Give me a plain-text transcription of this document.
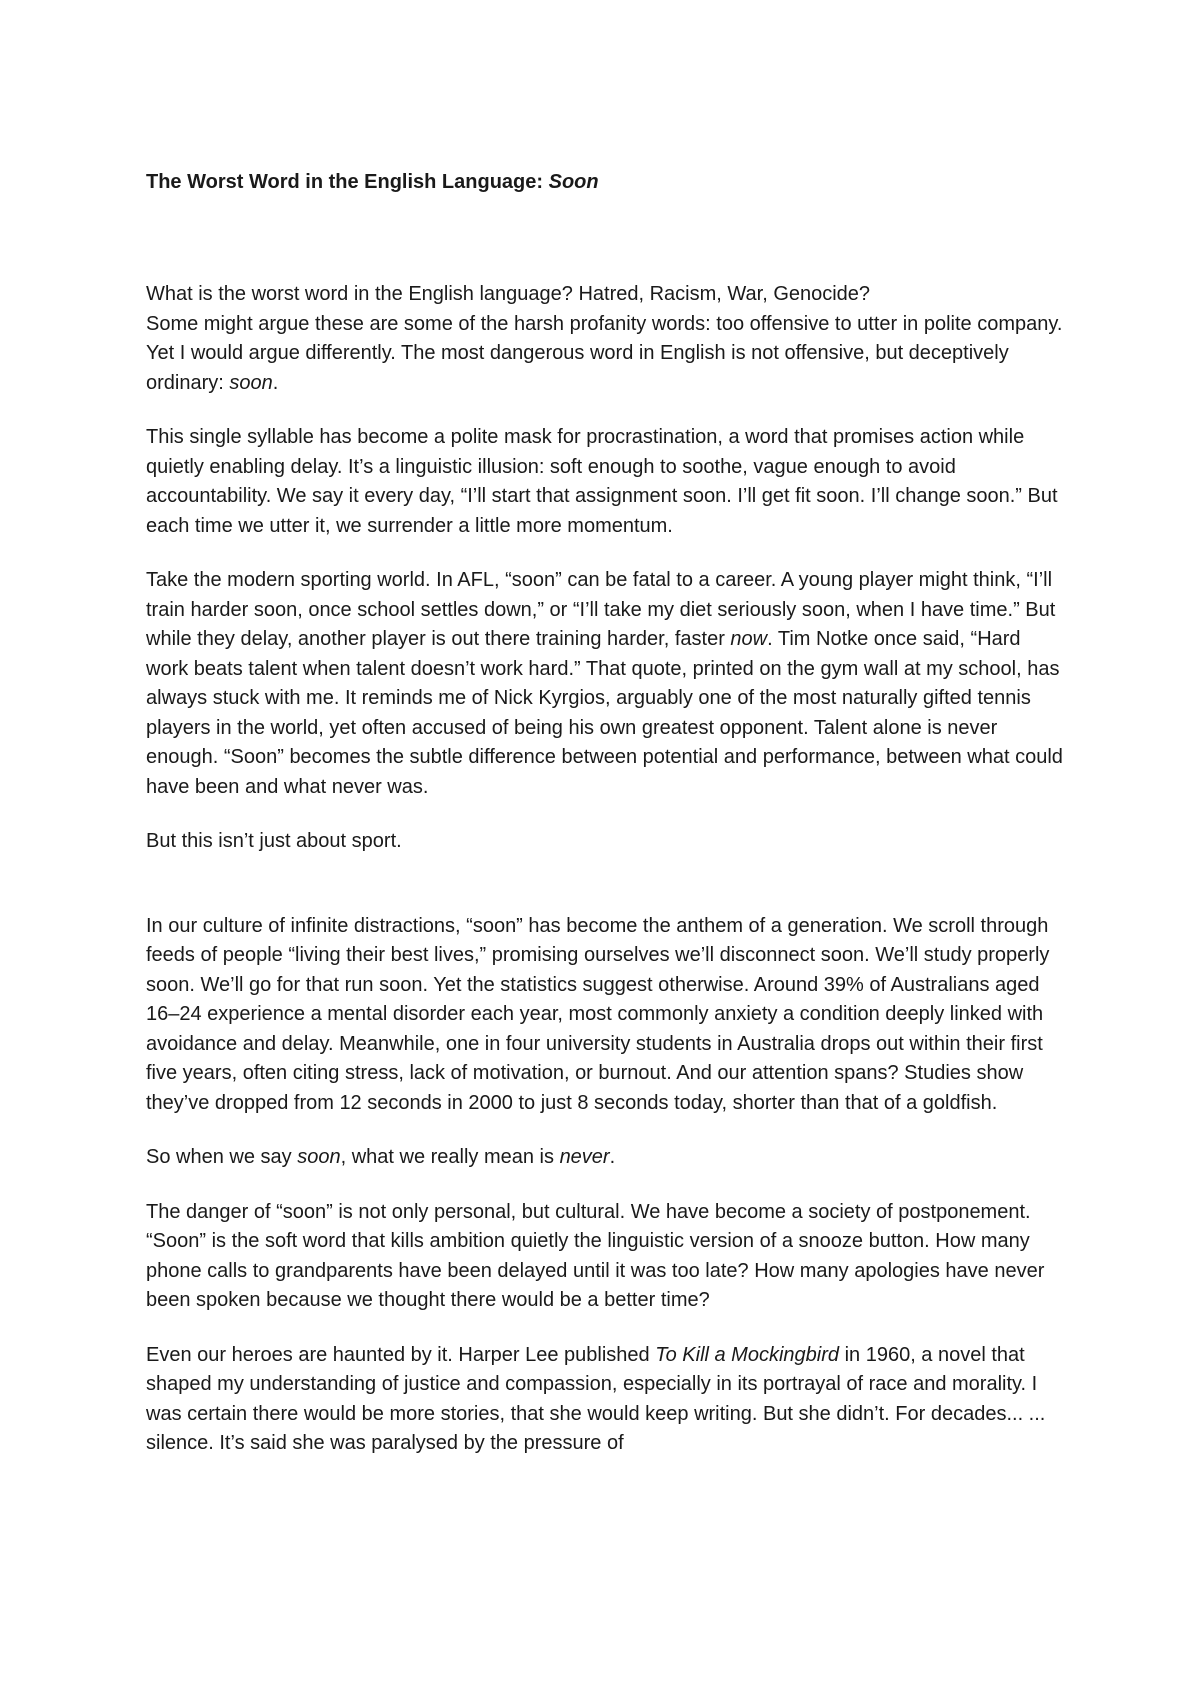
The Worst Word in the English Language: Soon

What is the worst word in the English language? Hatred, Racism, War, Genocide?
Some might argue these are some of the harsh profanity words: too offensive to utter in polite company. Yet I would argue differently. The most dangerous word in English is not offensive, but deceptively ordinary: soon.

This single syllable has become a polite mask for procrastination, a word that promises action while quietly enabling delay. It’s a linguistic illusion: soft enough to soothe, vague enough to avoid accountability. We say it every day, “I’ll start that assignment soon. I’ll get fit soon. I’ll change soon.” But each time we utter it, we surrender a little more momentum.

Take the modern sporting world. In AFL, “soon” can be fatal to a career. A young player might think, “I’ll train harder soon, once school settles down,” or “I’ll take my diet seriously soon, when I have time.” But while they delay, another player is out there training harder, faster now. Tim Notke once said, “Hard work beats talent when talent doesn’t work hard.” That quote, printed on the gym wall at my school, has always stuck with me. It reminds me of Nick Kyrgios, arguably one of the most naturally gifted tennis players in the world, yet often accused of being his own greatest opponent. Talent alone is never enough. “Soon” becomes the subtle difference between potential and performance, between what could have been and what never was.

But this isn’t just about sport.

In our culture of infinite distractions, “soon” has become the anthem of a generation. We scroll through feeds of people “living their best lives,” promising ourselves we’ll disconnect soon. We’ll study properly soon. We’ll go for that run soon. Yet the statistics suggest otherwise. Around 39% of Australians aged 16–24 experience a mental disorder each year, most commonly anxiety a condition deeply linked with avoidance and delay. Meanwhile, one in four university students in Australia drops out within their first five years, often citing stress, lack of motivation, or burnout. And our attention spans? Studies show they’ve dropped from 12 seconds in 2000 to just 8 seconds today, shorter than that of a goldfish.

So when we say soon, what we really mean is never.

The danger of “soon” is not only personal, but cultural. We have become a society of postponement. “Soon” is the soft word that kills ambition quietly the linguistic version of a snooze button. How many phone calls to grandparents have been delayed until it was too late? How many apologies have never been spoken because we thought there would be a better time?

Even our heroes are haunted by it. Harper Lee published To Kill a Mockingbird in 1960, a novel that shaped my understanding of justice and compassion, especially in its portrayal of race and morality. I was certain there would be more stories, that she would keep writing. But she didn’t. For decades... ... silence. It’s said she was paralysed by the pressure of
